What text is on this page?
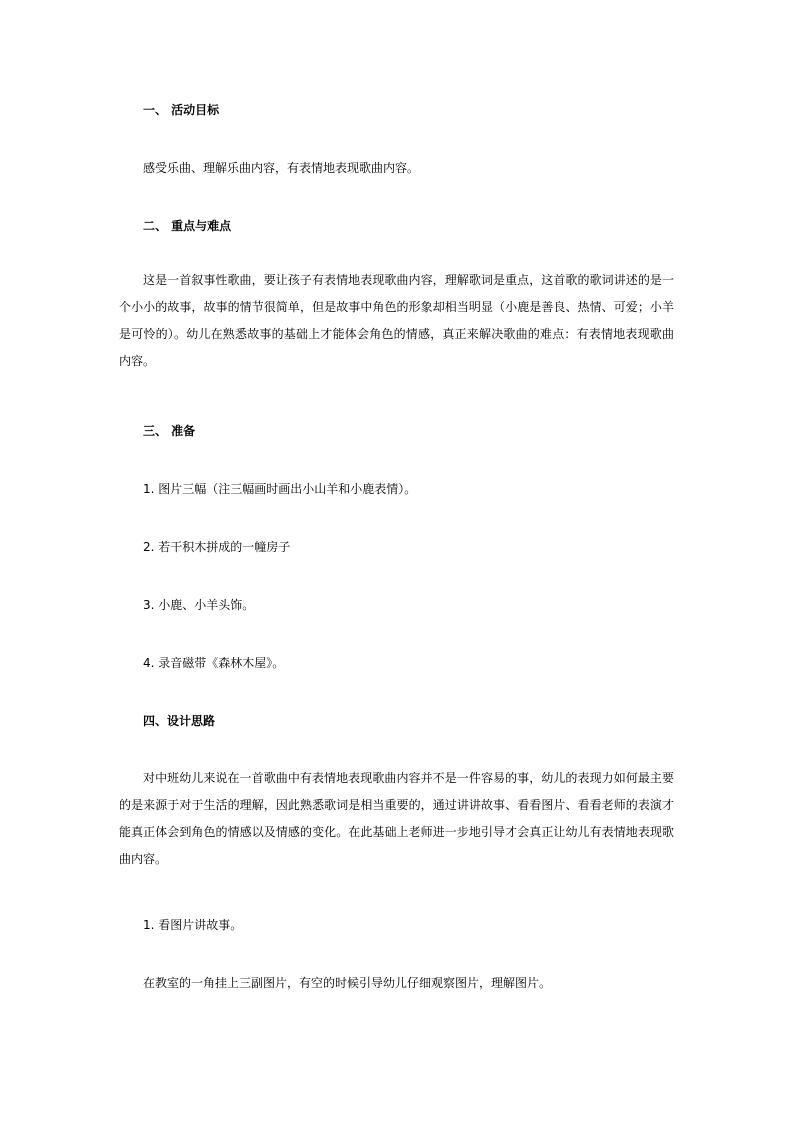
一、 活动目标

感受乐曲、理解乐曲内容，有表情地表现歌曲内容。

二、 重点与难点

这是一首叙事性歌曲，要让孩子有表情地表现歌曲内容，理解歌词是重点，这首歌的歌词讲述的是一个小小的故事，故事的情节很简单，但是故事中角色的形象却相当明显（小鹿是善良、热情、可爱；小羊是可怜的）。幼儿在熟悉故事的基础上才能体会角色的情感，真正来解决歌曲的难点：有表情地表现歌曲内容。

三、 准备

1. 图片三幅（注三幅画时画出小山羊和小鹿表情）。

2. 若干积木拼成的一幢房子

3. 小鹿、小羊头饰。

4. 录音磁带《森林木屋》。

四、设计思路

对中班幼儿来说在一首歌曲中有表情地表现歌曲内容并不是一件容易的事，幼儿的表现力如何最主要的是来源于对于生活的理解，因此熟悉歌词是相当重要的，通过讲讲故事、看看图片、看看老师的表演才能真正体会到角色的情感以及情感的变化。在此基础上老师进一步地引导才会真正让幼儿有表情地表现歌曲内容。

1. 看图片讲故事。

在教室的一角挂上三副图片，有空的时候引导幼儿仔细观察图片，理解图片。
